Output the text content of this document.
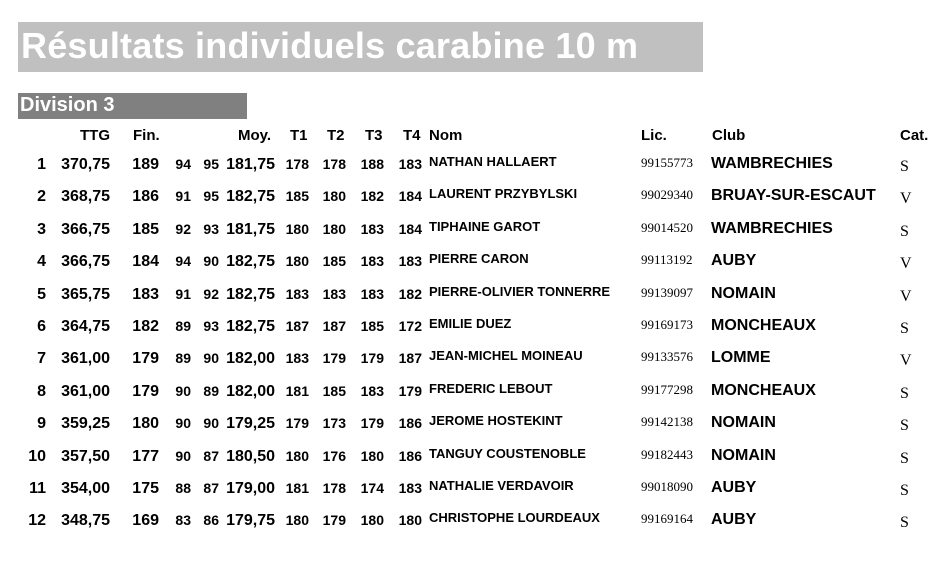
Résultats individuels carabine 10 m
Division 3
TTG Fin.	Moy. T1 T2 T3 T4 Nom	Lic.	Club	Cat.
1 370,75 189 94 95 181,75 178 178 188 183 NATHAN HALLAERT	99155773 WAMBRECHIES	S
2 368,75 186 91 95 182,75 185 180 182 184 LAURENT PRZYBYLSKI	99029340 BRUAY-SUR-ESCAUT V
3 366,75 185 92 93 181,75 180 180 183 184 TIPHAINE GAROT	99014520 WAMBRECHIES	S
4 366,75 184 94 90 182,75 180 185 183 183 PIERRE CARON	99113192 AUBY	V
5 365,75 183 91 92 182,75 183 183 183 182 PIERRE-OLIVIER TONNERRE 99139097 NOMAIN	V
6 364,75 182 89 93 182,75 187 187 185 172 EMILIE DUEZ	99169173 MONCHEAUX	S
7 361,00 179 89 90 182,00 183 179 179 187 JEAN-MICHEL MOINEAU	99133576 LOMME	V
8 361,00 179 90 89 182,00 181 185 183 179 FREDERIC LEBOUT	99177298 MONCHEAUX	S
9 359,25 180 90 90 179,25 179 173 179 186 JEROME HOSTEKINT	99142138 NOMAIN	S
10 357,50 177 90 87 180,50 180 176 180 186 TANGUY COUSTENOBLE	99182443 NOMAIN	S
11 354,00 175 88 87 179,00 181 178 174 183 NATHALIE VERDAVOIR	99018090 AUBY	S
12 348,75 169 83 86 179,75 180 179 180 180 CHRISTOPHE LOURDEAUX	99169164 AUBY	S
